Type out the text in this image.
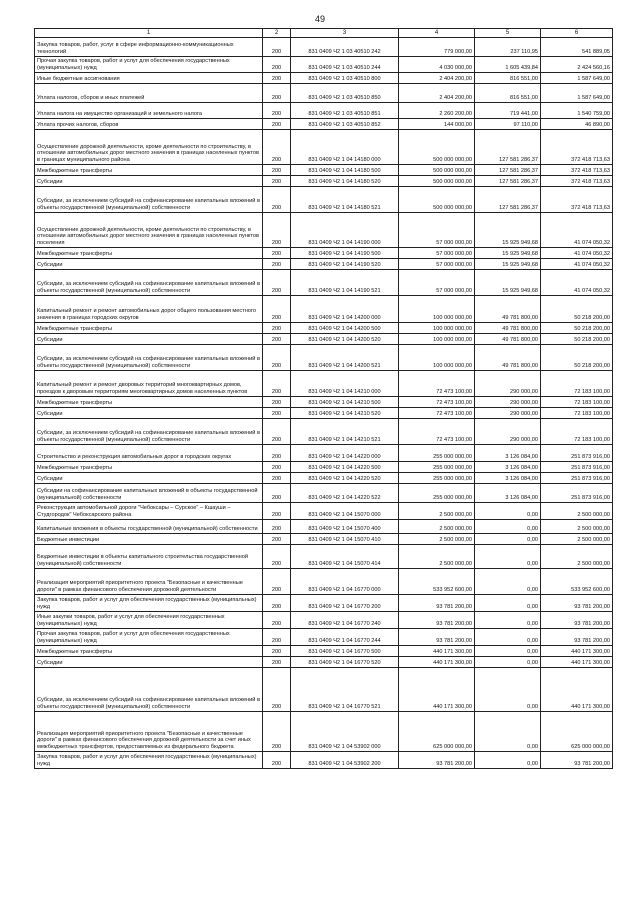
49
1	2	3	4	5	6
Закупка товаров, работ, услуг в сфере информационно-коммуникационных технологий	200	831 0409 Ч2 1 03 40510 242	779 000,00	237 110,95	541 889,05
Прочая закупка товаров, работ и услуг для обеспечения государственных (муниципальных) нужд	200	831 0409 Ч2 1 03 40510 244	4 030 000,00	1 605 439,84	2 424 560,16
Иные бюджетные ассигнования	200	831 0409 Ч2 1 03 40510 800	2 404 200,00	816 551,00	1 587 649,00
Уплата налогов, сборов и иных платежей	200	831 0409 Ч2 1 03 40510 850	2 404 200,00	816 551,00	1 587 649,00
Уплата налога на имущество организаций и земельного налога	200	831 0409 Ч2 1 03 40510 851	2 260 200,00	719 441,00	1 540 759,00
Уплата прочих налогов, сборов	200	831 0409 Ч2 1 03 40510 852	144 000,00	97 110,00	46 890,00
Осуществление дорожной деятельности, кроме деятельности по строительству, в отношении автомобильных дорог местного значения в границах населенных пунктов в границах муниципального района	200	831 0409 Ч2 1 04 14180 000	500 000 000,00	127 581 286,37	372 418 713,63
Межбюджетные трансферты	200	831 0409 Ч2 1 04 14180 500	500 000 000,00	127 581 286,37	372 418 713,63
Субсидии	200	831 0409 Ч2 1 04 14180 520	500 000 000,00	127 581 286,37	372 418 713,63
Субсидии, за исключением субсидий на софинансирование капитальных вложений в объекты государственной (муниципальной) собственности	200	831 0409 Ч2 1 04 14180 521	500 000 000,00	127 581 286,37	372 418 713,63
Осуществление дорожной деятельности, кроме деятельности по строительству, в отношении автомобильных дорог местного значения в границах населенных пунктов поселения	200	831 0409 Ч2 1 04 14190 000	57 000 000,00	15 925 949,68	41 074 050,32
Межбюджетные трансферты	200	831 0409 Ч2 1 04 14190 500	57 000 000,00	15 925 949,68	41 074 050,32
Субсидии	200	831 0409 Ч2 1 04 14190 520	57 000 000,00	15 925 949,68	41 074 050,32
Субсидии, за исключением субсидий на софинансирование капитальных вложений в объекты государственной (муниципальной) собственности	200	831 0409 Ч2 1 04 14190 521	57 000 000,00	15 925 949,68	41 074 050,32
Капитальный ремонт и ремонт автомобильных дорог общего пользования местного значения в границах городских округов	200	831 0409 Ч2 1 04 14200 000	100 000 000,00	49 781 800,00	50 218 200,00
Межбюджетные трансферты	200	831 0409 Ч2 1 04 14200 500	100 000 000,00	49 781 800,00	50 218 200,00
Субсидии	200	831 0409 Ч2 1 04 14200 520	100 000 000,00	49 781 800,00	50 218 200,00
Субсидии, за исключением субсидий на софинансирование капитальных вложений в объекты государственной (муниципальной) собственности	200	831 0409 Ч2 1 04 14200 521	100 000 000,00	49 781 800,00	50 218 200,00
Капитальный ремонт и ремонт дворовых территорий многоквартирных домов, проездов к дворовым территориям многоквартирных домов населенных пунктов	200	831 0409 Ч2 1 04 14210 000	72 473 100,00	290 000,00	72 183 100,00
Межбюджетные трансферты	200	831 0409 Ч2 1 04 14210 500	72 473 100,00	290 000,00	72 183 100,00
Субсидии	200	831 0409 Ч2 1 04 14210 520	72 473 100,00	290 000,00	72 183 100,00
Субсидии, за исключением субсидий на софинансирование капитальных вложений в объекты государственной (муниципальной) собственности	200	831 0409 Ч2 1 04 14210 521	72 473 100,00	290 000,00	72 183 100,00
Строительство и реконструкция автомобильных дорог в городских округах	200	831 0409 Ч2 1 04 14220 000	255 000 000,00	3 126 084,00	251 873 916,00
Межбюджетные трансферты	200	831 0409 Ч2 1 04 14220 500	255 000 000,00	3 126 084,00	251 873 916,00
Субсидии	200	831 0409 Ч2 1 04 14220 520	255 000 000,00	3 126 084,00	251 873 916,00
Субсидии на софинансирование капитальных вложений в объекты государственной (муниципальной) собственности	200	831 0409 Ч2 1 04 14220 522	255 000 000,00	3 126 084,00	251 873 916,00
Реконструкция автомобильной дороги "Чебоксары – Сурское" – Кшауши – Студгородок" Чебоксарского района	200	831 0409 Ч2 1 04 15070 000	2 500 000,00	0,00	2 500 000,00
Капитальные вложения в объекты государственной (муниципальной) собственности	200	831 0409 Ч2 1 04 15070 400	2 500 000,00	0,00	2 500 000,00
Бюджетные инвестиции	200	831 0409 Ч2 1 04 15070 410	2 500 000,00	0,00	2 500 000,00
Бюджетные инвестиции в объекты капитального строительства государственной (муниципальной) собственности	200	831 0409 Ч2 1 04 15070 414	2 500 000,00	0,00	2 500 000,00
Реализация мероприятий приоритетного проекта "Безопасные и качественные дороги" в рамках финансового обеспечения дорожной деятельности	200	831 0409 Ч2 1 04 16770 000	533 952 600,00	0,00	533 952 600,00
Закупка товаров, работ и услуг для обеспечения государственных (муниципальных) нужд	200	831 0409 Ч2 1 04 16770 200	93 781 200,00	0,00	93 781 200,00
Иные закупки товаров, работ и услуг для обеспечения государственных (муниципальных) нужд	200	831 0409 Ч2 1 04 16770 240	93 781 200,00	0,00	93 781 200,00
Прочая закупка товаров, работ и услуг для обеспечения государственных (муниципальных) нужд	200	831 0409 Ч2 1 04 16770 244	93 781 200,00	0,00	93 781 200,00
Межбюджетные трансферты	200	831 0409 Ч2 1 04 16770 500	440 171 300,00	0,00	440 171 300,00
Субсидии	200	831 0409 Ч2 1 04 16770 520	440 171 300,00	0,00	440 171 300,00
Субсидии, за исключением субсидий на софинансирование капитальных вложений в объекты государственной (муниципальной) собственности	200	831 0409 Ч2 1 04 16770 521	440 171 300,00	0,00	440 171 300,00
Реализация мероприятий приоритетного проекта "Безопасные и качественные дороги" в рамках финансового обеспечения дорожной деятельности за счет иных межбюджетных трансфертов, предоставляемых из федерального бюджета	200	831 0409 Ч2 1 04 53902 000	625 000 000,00	0,00	625 000 000,00
Закупка товаров, работ и услуг для обеспечения государственных (муниципальных) нужд	200	831 0409 Ч2 1 04 53902 200	93 781 200,00	0,00	93 781 200,00
